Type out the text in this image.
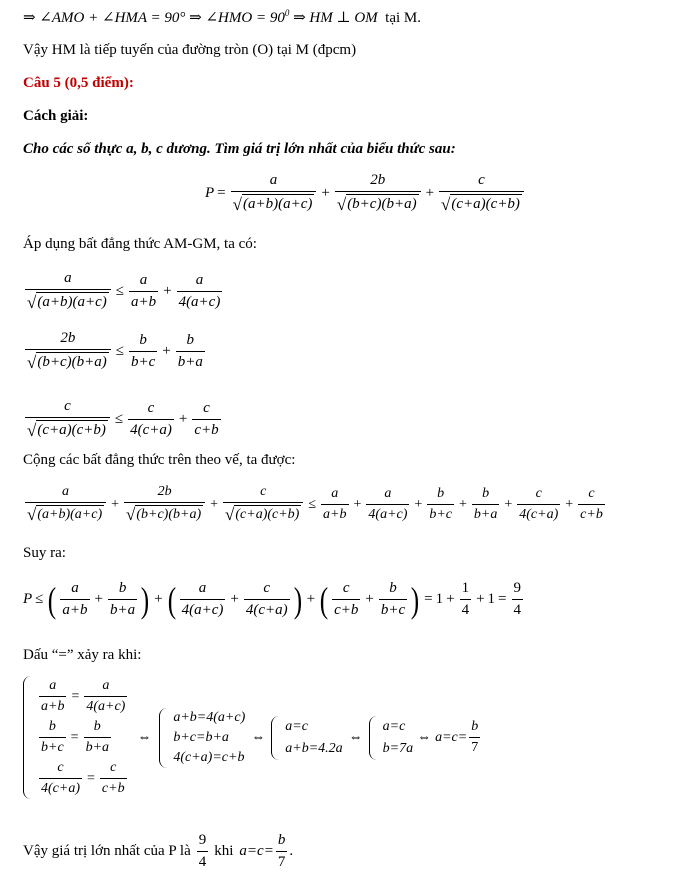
⇒ ∠AMO + ∠HMA = 90° ⇒ ∠HMO = $90^0$ ⇒ HM ⊥ OM tại M.
Vậy HM là tiếp tuyến của đường tròn (O) tại M (đpcm)
Câu 5 (0,5 điểm):
Cách giải:
Cho các số thực a, b, c dương. Tìm giá trị lớn nhất của biểu thức sau:
$P = \frac{a}{√ (a+b)(a+c)} + \frac{2b}{√ (b+c)(b+a)} + \frac{c}{√ (c+a)(c+b)}$
Áp dụng bất đẳng thức AM-GM, ta có:
$\frac{a}{√ (a+b)(a+c)} \le \frac{a}{a+b} + \frac{a}{4(a+c)}$
$\frac{2b}{√ (b+c)(b+a)} \le \frac{b}{b+c} + \frac{b}{b+a}$
$\frac{c}{√ (c+a)(c+b)} \le \frac{c}{4(c+a)} + \frac{c}{c+b}$
Cộng các bất đẳng thức trên theo vế, ta được:
$\frac{a}{√ (a+b)(a+c)} + \frac{2b}{√ (b+c)(b+a)} + \frac{c}{√ (c+a)(c+b)} \le \frac{a}{a+b} + \frac{a}{4(a+c)} + \frac{b}{b+c} + \frac{b}{b+a} + \frac{c}{4(c+a)} + \frac{c}{c+b}$
Suy ra:
P ≤ ( $\frac{a}{a+b} + \frac{b}{b+a}$ ) + ( $\frac{a}{4(a+c)} + \frac{c}{4(c+a)}$ ) + ( $\frac{c}{c+b} + \frac{b}{b+c}$ ) = $1 + \frac{1}{4} + 1 = \frac{9}{4}$
Dấu “=” xảy ra khi:
$\frac{a}{a+b} = \frac{a}{4(a+c)}$
$\frac{b}{b+c} = \frac{b}{b+a}$
$\frac{c}{4(c+a)} = \frac{c}{c+b}$
⇔
a+b=4(a+c)
b+c=b+a
4(c+a)=c+b
⇔
a=c
a+b=4.2a
⇔
a=c
b=7a
⇔ $a=c= \frac{b}{7}$
Vậy giá trị lớn nhất của P là $\frac{9}{4}$ khi $a=c= \frac{b}{7}$ .
